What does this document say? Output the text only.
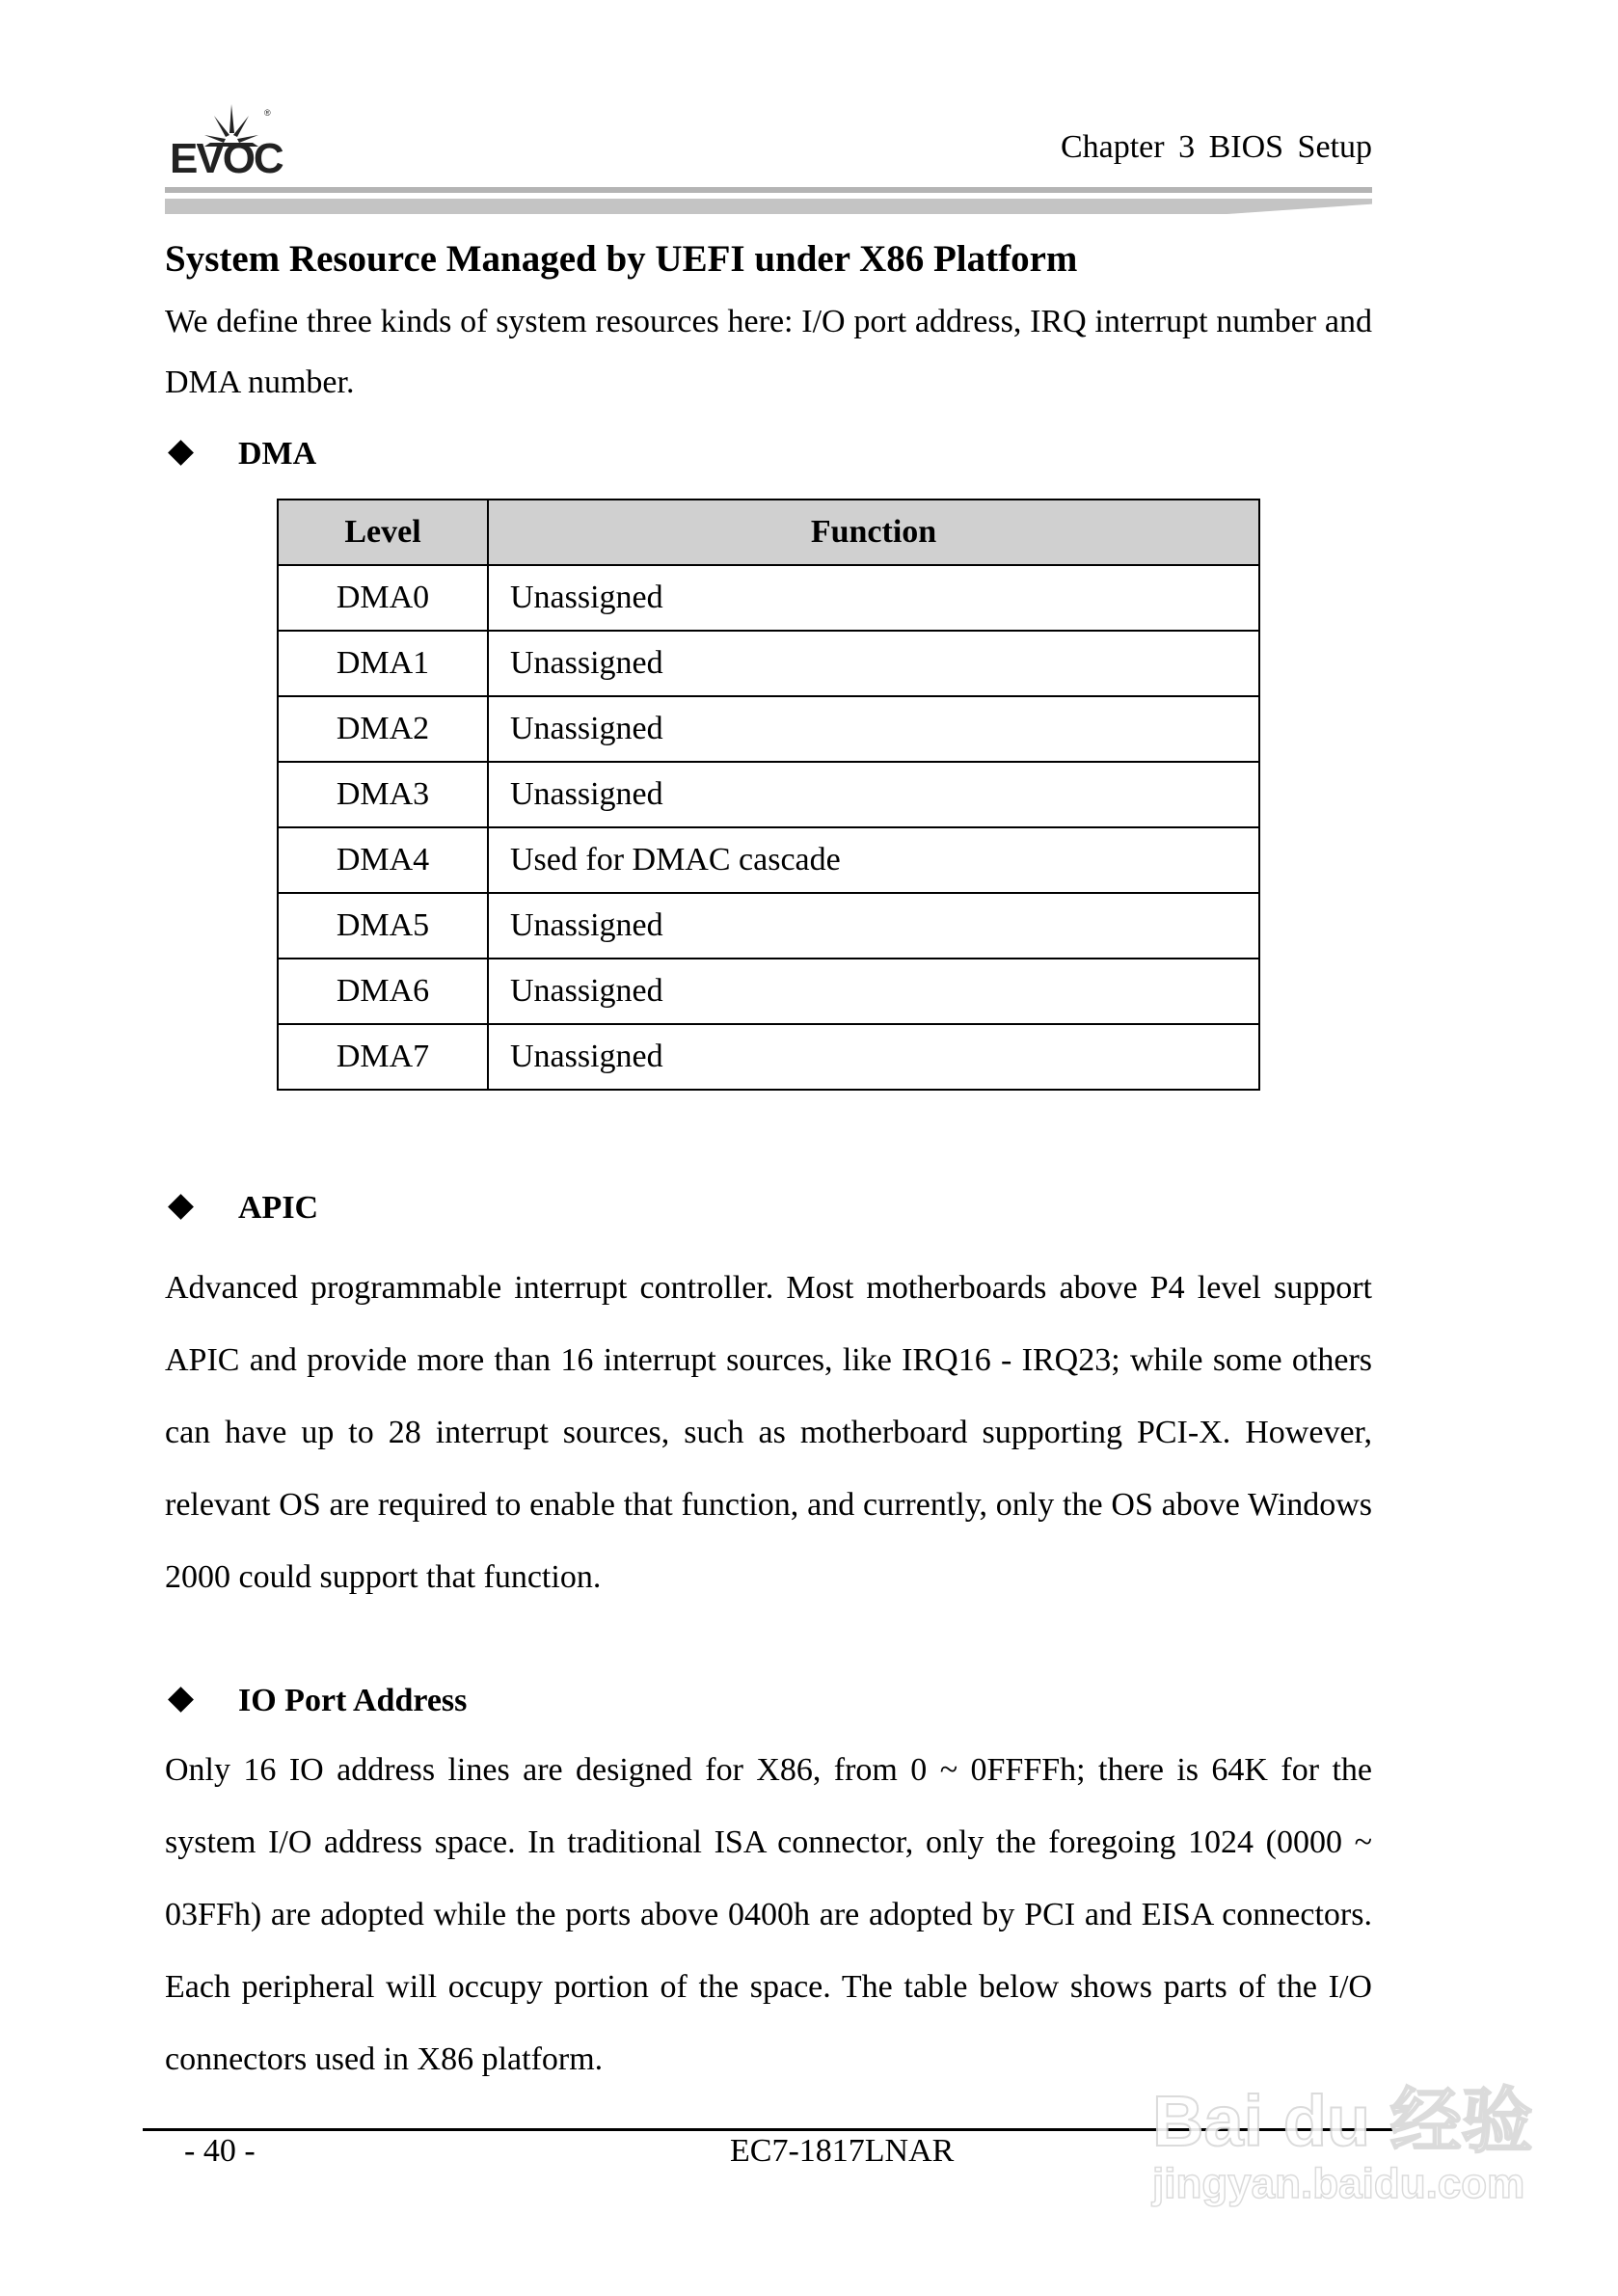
®
EVOC	Chapter 3 BIOS Setup
System Resource Managed by UEFI under X86 Platform
We define three kinds of system resources here: I/O port address, IRQ interrupt number and DMA number.
DMA
Level	Function
DMA0	Unassigned
DMA1	Unassigned
DMA2	Unassigned
DMA3	Unassigned
DMA4	Used for DMAC cascade
DMA5	Unassigned
DMA6	Unassigned
DMA7	Unassigned
APIC
Advanced programmable interrupt controller. Most motherboards above P4 level support APIC and provide more than 16 interrupt sources, like IRQ16 - IRQ23; while some others can have up to 28 interrupt sources, such as motherboard supporting PCI-X. However, relevant OS are required to enable that function, and currently, only the OS above Windows 2000 could support that function.
IO Port Address
Only 16 IO address lines are designed for X86, from 0 ~ 0FFFFh; there is 64K for the system I/O address space. In traditional ISA connector, only the foregoing 1024 (0000 ~ 03FFh) are adopted while the ports above 0400h are adopted by PCI and EISA connectors. Each peripheral will occupy portion of the space. The table below shows parts of the I/O connectors used in X86 platform.
- 40 -	EC7-1817LNAR	Bai du 经验
jingyan.baidu.com
